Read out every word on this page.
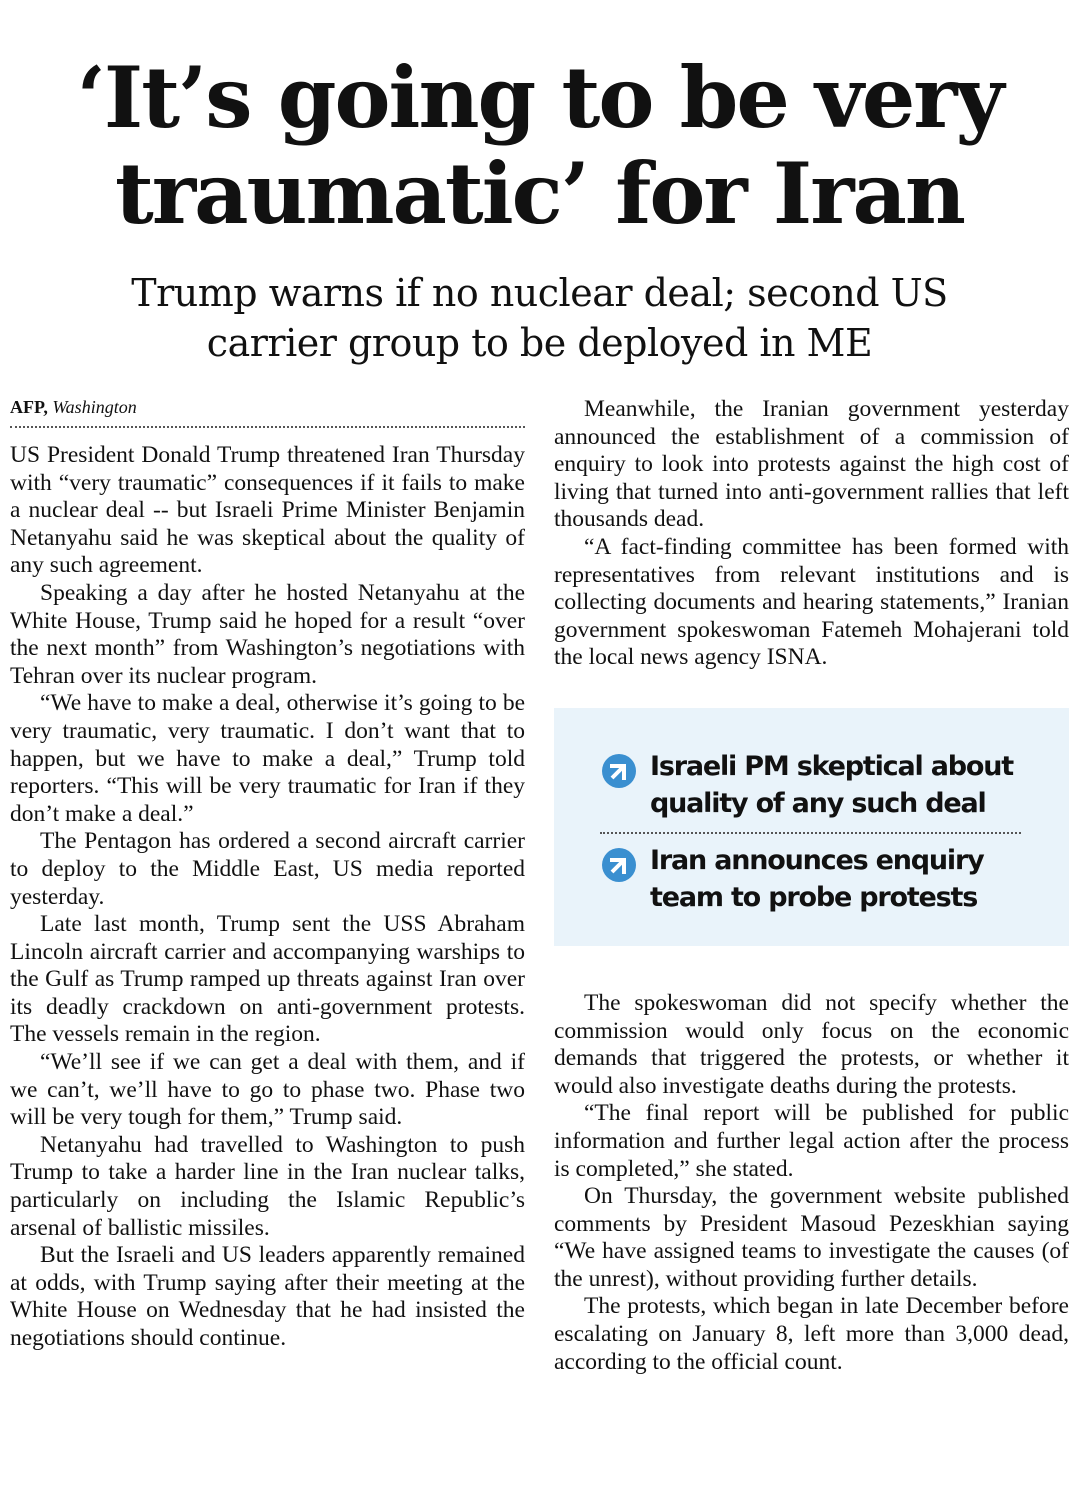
‘It’s going to be very
traumatic’ for Iran
Trump warns if no nuclear deal; second US
carrier group to be deployed in ME
AFP, Washington

US President Donald Trump threatened Iran Thursday with “very traumatic” consequences if it fails to make a nuclear deal -- but Israeli Prime Minister Benjamin Netanyahu said he was skeptical about the quality of any such agreement.

Speaking a day after he hosted Netanyahu at the White House, Trump said he hoped for a result “over the next month” from Washington’s negotiations with Tehran over its nuclear program.

“We have to make a deal, otherwise it’s going to be very traumatic, very traumatic. I don’t want that to happen, but we have to make a deal,” Trump told reporters. “This will be very traumatic for Iran if they don’t make a deal.”

The Pentagon has ordered a second aircraft carrier to deploy to the Middle East, US media reported yesterday.

Late last month, Trump sent the USS Abraham Lincoln aircraft carrier and accompanying warships to the Gulf as Trump ramped up threats against Iran over its deadly crackdown on anti-government protests. The vessels remain in the region.

“We’ll see if we can get a deal with them, and if we can’t, we’ll have to go to phase two. Phase two will be very tough for them,” Trump said.

Netanyahu had travelled to Washington to push Trump to take a harder line in the Iran nuclear talks, particularly on including the Islamic Republic’s arsenal of ballistic missiles.

But the Israeli and US leaders apparently remained at odds, with Trump saying after their meeting at the White House on Wednesday that he had insisted the negotiations should continue.

Meanwhile, the Iranian government yesterday announced the establishment of a commission of enquiry to look into protests against the high cost of living that turned into anti-government rallies that left thousands dead.

“A fact-finding committee has been formed with representatives from relevant institutions and is collecting documents and hearing statements,” Iranian government spokeswoman Fatemeh Mohajerani told the local news agency ISNA.

Israeli PM skeptical about quality of any such deal
Iran announces enquiry team to probe protests

The spokeswoman did not specify whether the commission would only focus on the economic demands that triggered the protests, or whether it would also investigate deaths during the protests.

“The final report will be published for public information and further legal action after the process is completed,” she stated.

On Thursday, the government website published comments by President Masoud Pezeskhian saying “We have assigned teams to investigate the causes (of the unrest), without providing further details.

The protests, which began in late December before escalating on January 8, left more than 3,000 dead, according to the official count.
